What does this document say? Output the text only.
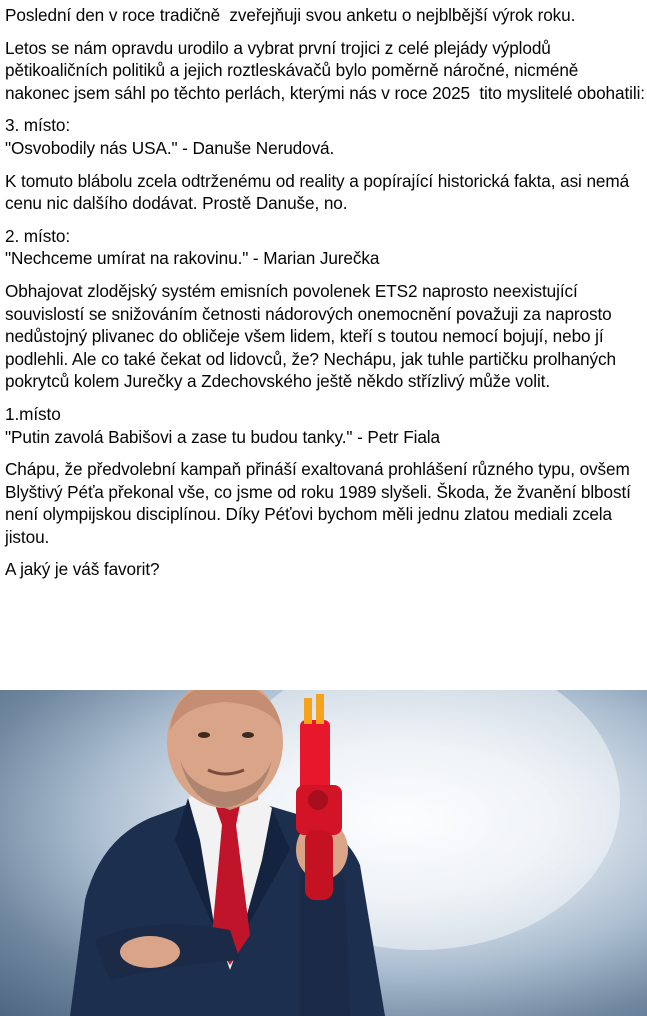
Poslední den v roce tradičně  zveřejňuji svou anketu o nejblbější výrok roku.

Letos se nám opravdu urodilo a vybrat první trojici z celé plejády výplodů pětikoaličních politiků a jejich roztleskávačů bylo poměrně náročné, nicméně nakonec jsem sáhl po těchto perlách, kterými nás v roce 2025  tito myslitelé obohatili:

3. místo:
"Osvobodily nás USA." - Danuše Nerudová.

K tomuto blábolu zcela odtrženému od reality a popírající historická fakta, asi nemá cenu nic dalšího dodávat. Prostě Danuše, no.

2. místo:
"Nechceme umírat na rakovinu." - Marian Jurečka

Obhajovat zlodějský systém emisních povolenek ETS2 naprosto neexistující souvislostí se snižováním četnosti nádorových onemocnění považuji za naprosto nedůstojný plivanec do obličeje všem lidem, kteří s toutou nemocí bojují, nebo jí podlehli. Ale co také čekat od lidovců, že? Nechápu, jak tuhle partičku prolhaných pokrytců kolem Jurečky a Zdechovského ještě někdo střízlivý může volit.

1.místo
"Putin zavolá Babišovi a zase tu budou tanky." - Petr Fiala

Chápu, že předvolební kampaň přináší exaltovaná prohlášení různého typu, ovšem Blyštivý Péťa překonal vše, co jsme od roku 1989 slyšeli. Škoda, že žvanění blbostí není olympijskou disciplínou. Díky Péťovi bychom měli jednu zlatou mediali zcela jistou.

A jaký je váš favorit?
